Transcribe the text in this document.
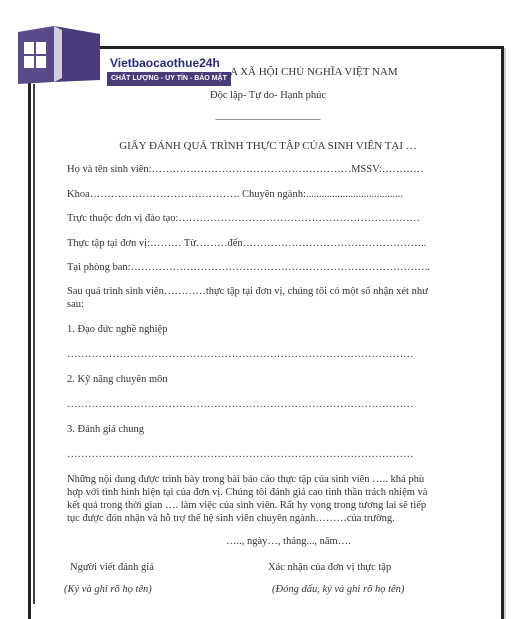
Vietbaocaothue24h
CHẤT LƯỢNG - UY TÍN - BẢO MẬT
A XÃ HỘI CHỦ NGHĨA VIỆT NAM
Độc lập- Tự do- Hạnh phúc
____________________
GIẤY ĐÁNH QUÁ TRÌNH THỰC TẬP CỦA SINH VIÊN TẠI …
Họ và tên sinh viên:…………………………………………………MSSV:…………
Khoa……………………………………. Chuyên ngành:.....................................
Trực thuộc đơn vị đào tạo:……………………………………………………………
Thực tập tại đơn vị:……… Từ………đến……………………………………………..
Tại phòng ban:…………………………………………………………………………..
Sau quá trình sinh viên…………thực tập tại đơn vị, chúng tôi có một số nhận xét như
sau:
1. Đạo đức nghề nghiệp
………………………………………………………………………………………
2. Kỹ năng chuyên môn
………………………………………………………………………………………
3. Đánh giá chung
………………………………………………………………………………………
Những nội dung được trình bày trong bài báo cáo thực tập của sinh viên ….. khá phù
hợp với tình hình hiện tại của đơn vị. Chúng tôi đánh giá cao tinh thần trách nhiệm và
kết quả trong thời gian …. làm việc của sinh viên. Rất hy vọng trong tương lai sẽ tiếp
tục được đón nhận và hỗ trợ thế hệ sinh viên chuyên ngành………của trường.
….., ngày…, tháng..., năm….
Người viết đánh giá	Xác nhận của đơn vị thực tập
(Ký và ghi rõ họ tên)	(Đóng dấu, ký và ghi rõ họ tên)
